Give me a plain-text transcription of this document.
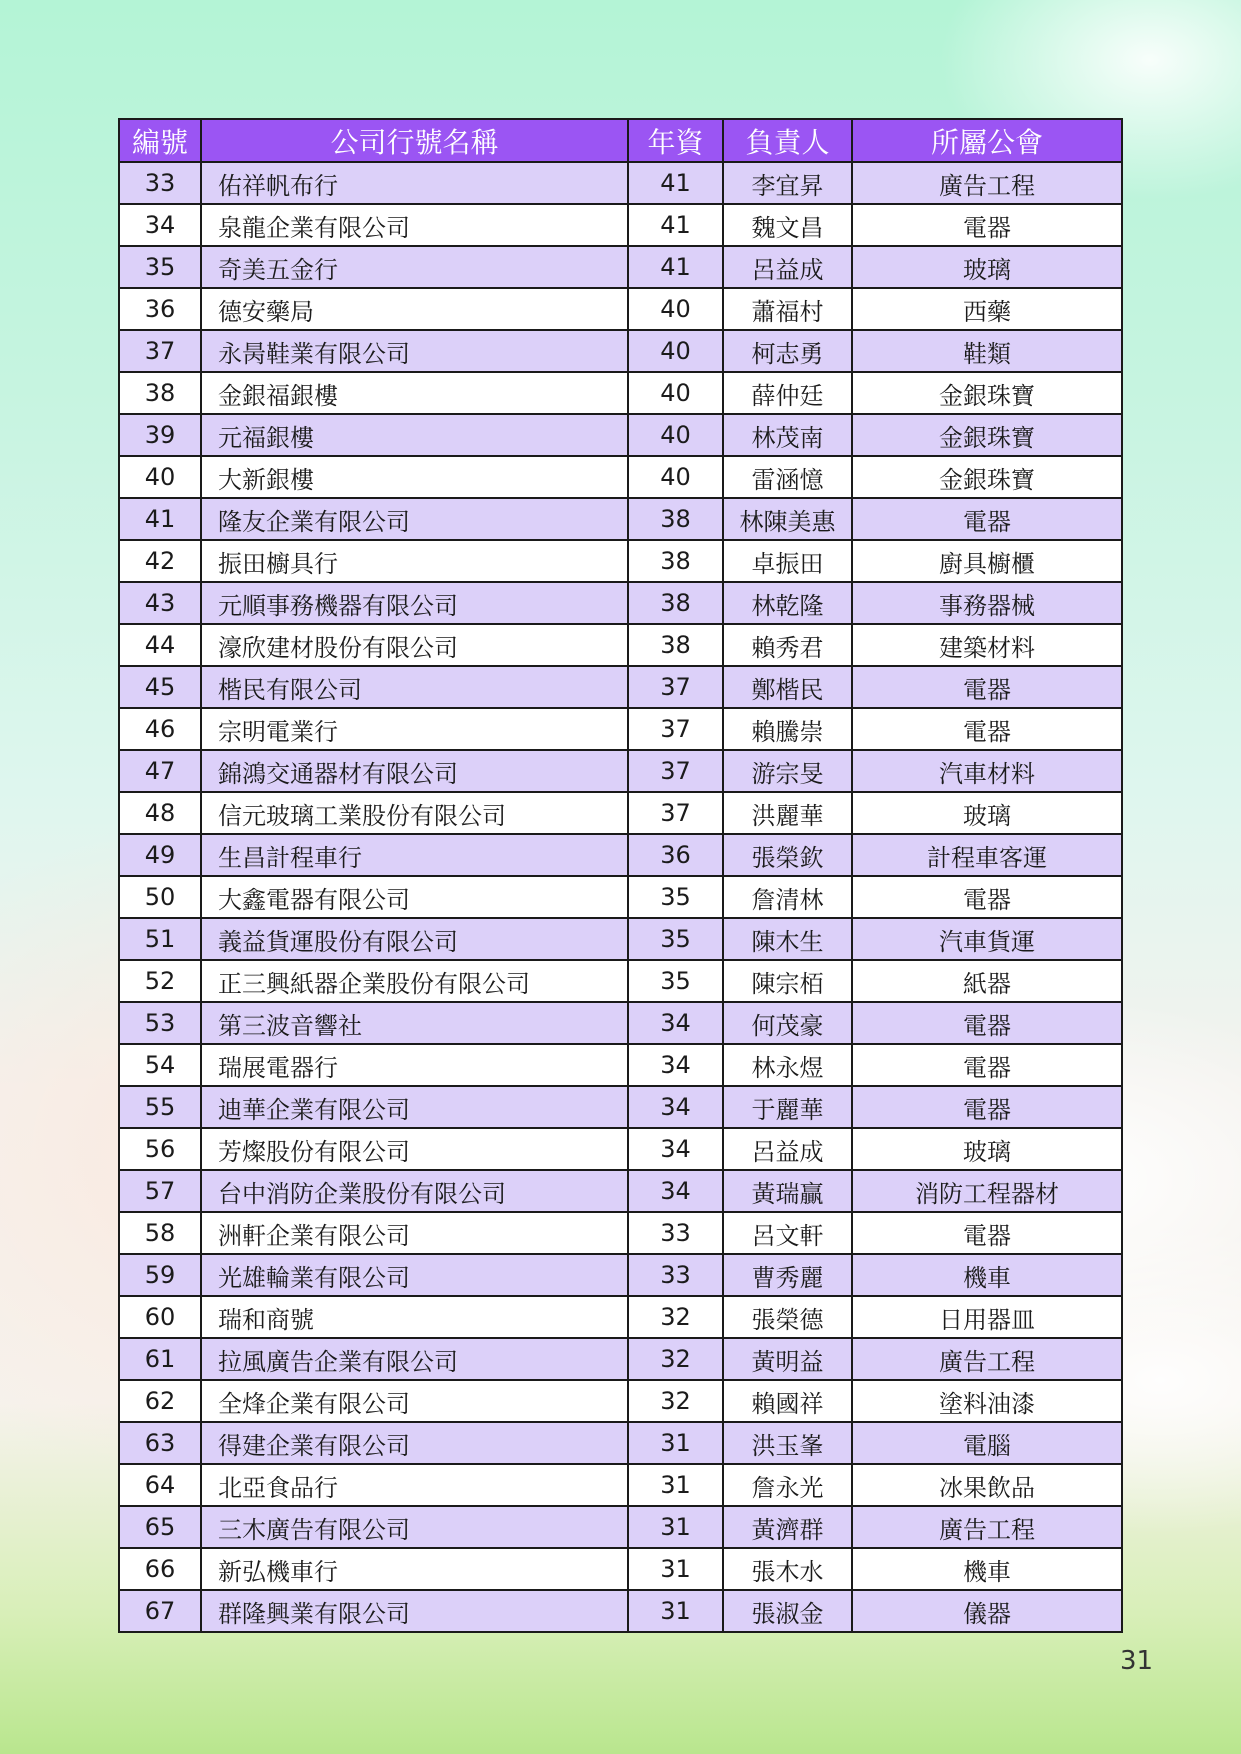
編號	公司行號名稱	年資	負責人	所屬公會
33	佑祥帆布行	41	李宜昇	廣告工程
34	泉龍企業有限公司	41	魏文昌	電器
35	奇美五金行	41	呂益成	玻璃
36	德安藥局	40	蕭福村	西藥
37	永昺鞋業有限公司	40	柯志勇	鞋類
38	金銀福銀樓	40	薛仲廷	金銀珠寶
39	元福銀樓	40	林茂南	金銀珠寶
40	大新銀樓	40	雷涵憶	金銀珠寶
41	隆友企業有限公司	38	林陳美惠	電器
42	振田櫥具行	38	卓振田	廚具櫥櫃
43	元順事務機器有限公司	38	林乾隆	事務器械
44	濠欣建材股份有限公司	38	賴秀君	建築材料
45	楷民有限公司	37	鄭楷民	電器
46	宗明電業行	37	賴騰崇	電器
47	錦鴻交通器材有限公司	37	游宗旻	汽車材料
48	信元玻璃工業股份有限公司	37	洪麗華	玻璃
49	生昌計程車行	36	張榮欽	計程車客運
50	大鑫電器有限公司	35	詹清林	電器
51	義益貨運股份有限公司	35	陳木生	汽車貨運
52	正三興紙器企業股份有限公司	35	陳宗栢	紙器
53	第三波音響社	34	何茂豪	電器
54	瑞展電器行	34	林永煜	電器
55	迪華企業有限公司	34	于麗華	電器
56	芳燦股份有限公司	34	呂益成	玻璃
57	台中消防企業股份有限公司	34	黃瑞贏	消防工程器材
58	洲軒企業有限公司	33	呂文軒	電器
59	光雄輪業有限公司	33	曹秀麗	機車
60	瑞和商號	32	張榮德	日用器皿
61	拉風廣告企業有限公司	32	黃明益	廣告工程
62	全烽企業有限公司	32	賴國祥	塗料油漆
63	得建企業有限公司	31	洪玉峯	電腦
64	北亞食品行	31	詹永光	冰果飲品
65	三木廣告有限公司	31	黃濟群	廣告工程
66	新弘機車行	31	張木水	機車
67	群隆興業有限公司	31	張淑金	儀器
31
